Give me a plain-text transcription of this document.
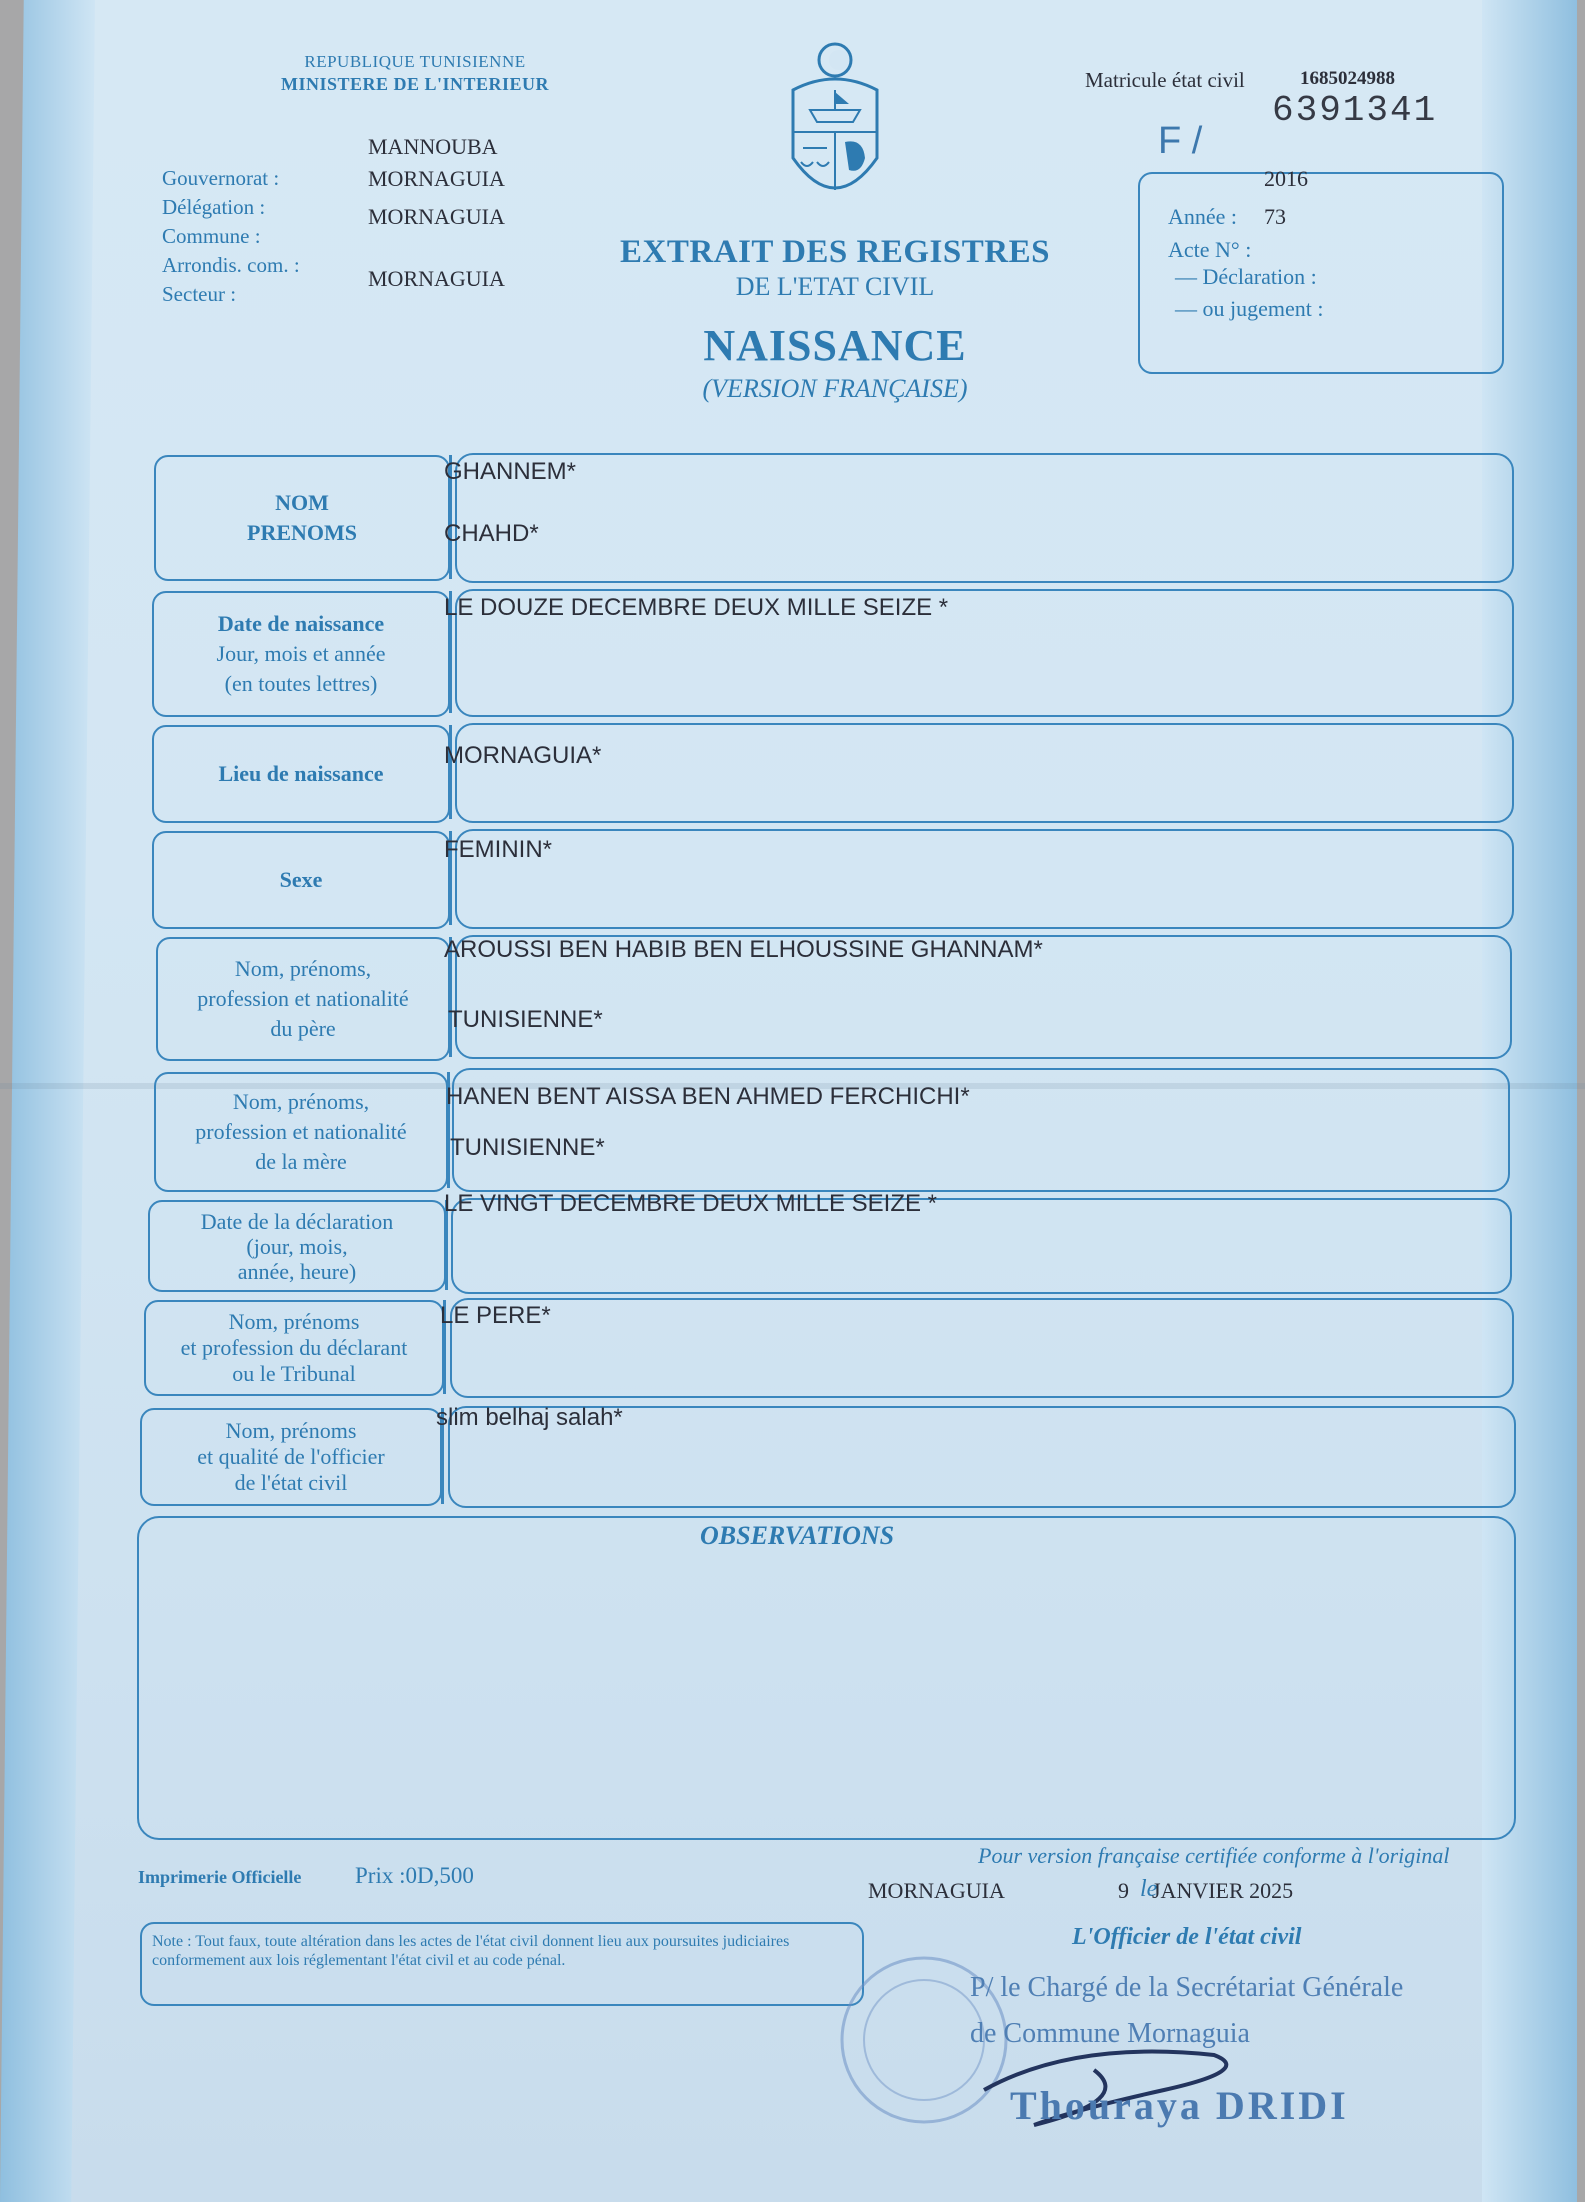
REPUBLIQUE TUNISIENNE
MINISTERE DE L'INTERIEUR
Gouvernorat :
Délégation :
Commune :
Arrondis. com. :
Secteur :
MANNOUBA
MORNAGUIA
MORNAGUIA
MORNAGUIA
EXTRAIT DES REGISTRES
DE L'ETAT CIVIL
NAISSANCE
(VERSION FRANÇAISE)
Matricule état civil	1685024988
6391341
F /
2016
Année : 73
Acte N° :
— Déclaration :
— ou jugement :
NOM
PRENOMS
GHANNEM*
CHAHD*
Date de naissance
Jour, mois et année
(en toutes lettres)
LE DOUZE DECEMBRE DEUX MILLE SEIZE *
Lieu de naissance
MORNAGUIA*
Sexe
FEMININ*
Nom, prénoms,
profession et nationalité
du père
AROUSSI BEN HABIB BEN ELHOUSSINE GHANNAM*
TUNISIENNE*
Nom, prénoms,
profession et nationalité
de la mère
HANEN BENT AISSA BEN AHMED FERCHICHI*
TUNISIENNE*
Date de la déclaration
(jour, mois,
année, heure)
LE VINGT DECEMBRE DEUX MILLE SEIZE *
Nom, prénoms
et profession du déclarant
ou le Tribunal
LE PERE*
Nom, prénoms
et qualité de l'officier
de l'état civil
slim belhaj salah*
OBSERVATIONS
Imprimerie Officielle Prix :0D,500
Pour version française certifiée conforme à l'original
MORNAGUIA	9 le
JANVIER 2025
L'Officier de l'état civil
Note : Tout faux, toute altération dans les actes de l'état civil donnent lieu aux poursuites judiciaires conformement aux lois réglementant l'état civil et au code pénal.
P/ le Chargé de la Secrétariat Générale
de Commune Mornaguia
Thouraya DRIDI
